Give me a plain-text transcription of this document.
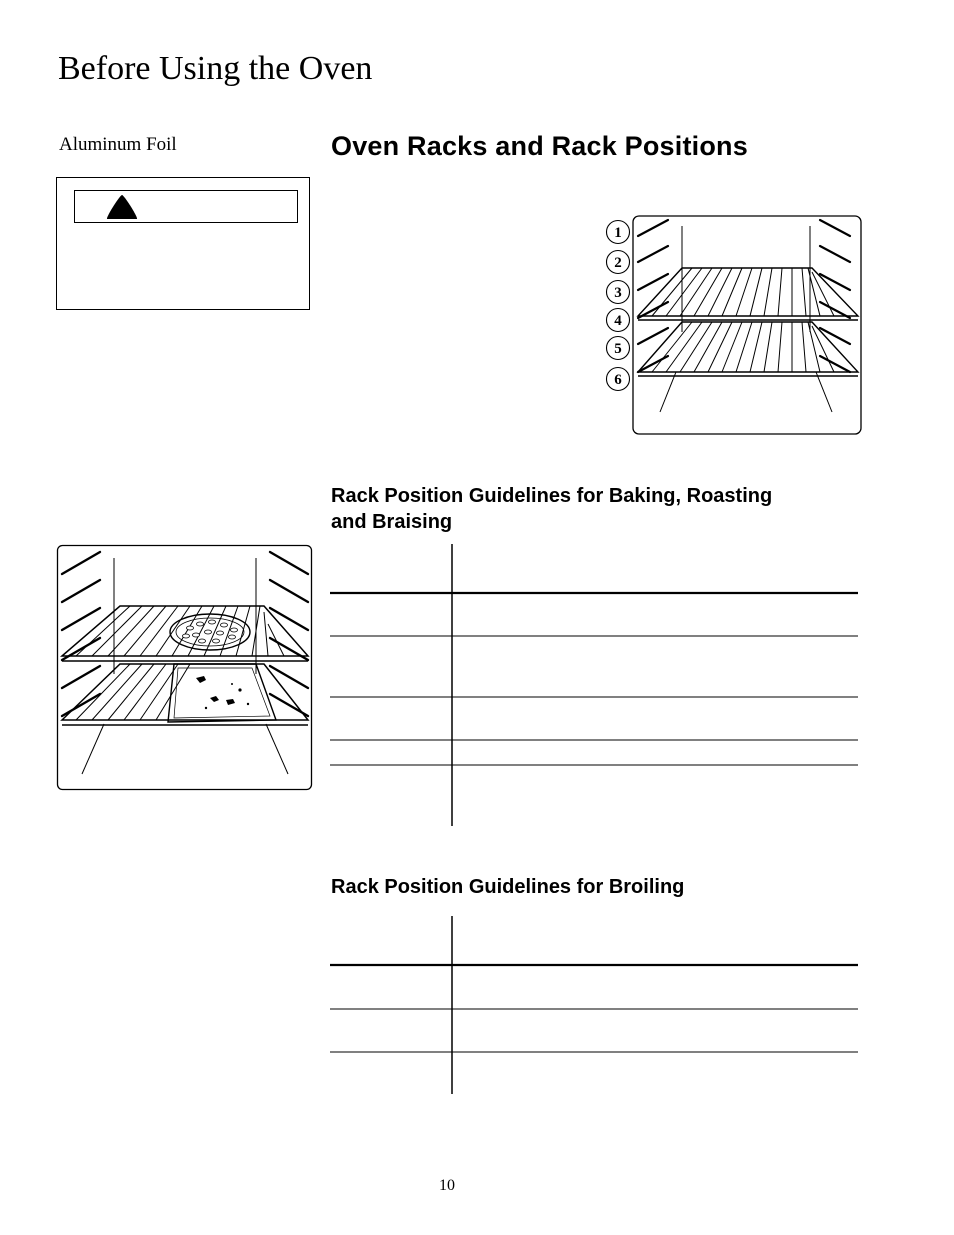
Before Using the Oven
Aluminum Foil	Oven Racks and Rack Positions
Rack Position Guidelines for Baking, Roasting and Braising
Rack Position Guidelines for Broiling
10
1
2
3
4
5
6
